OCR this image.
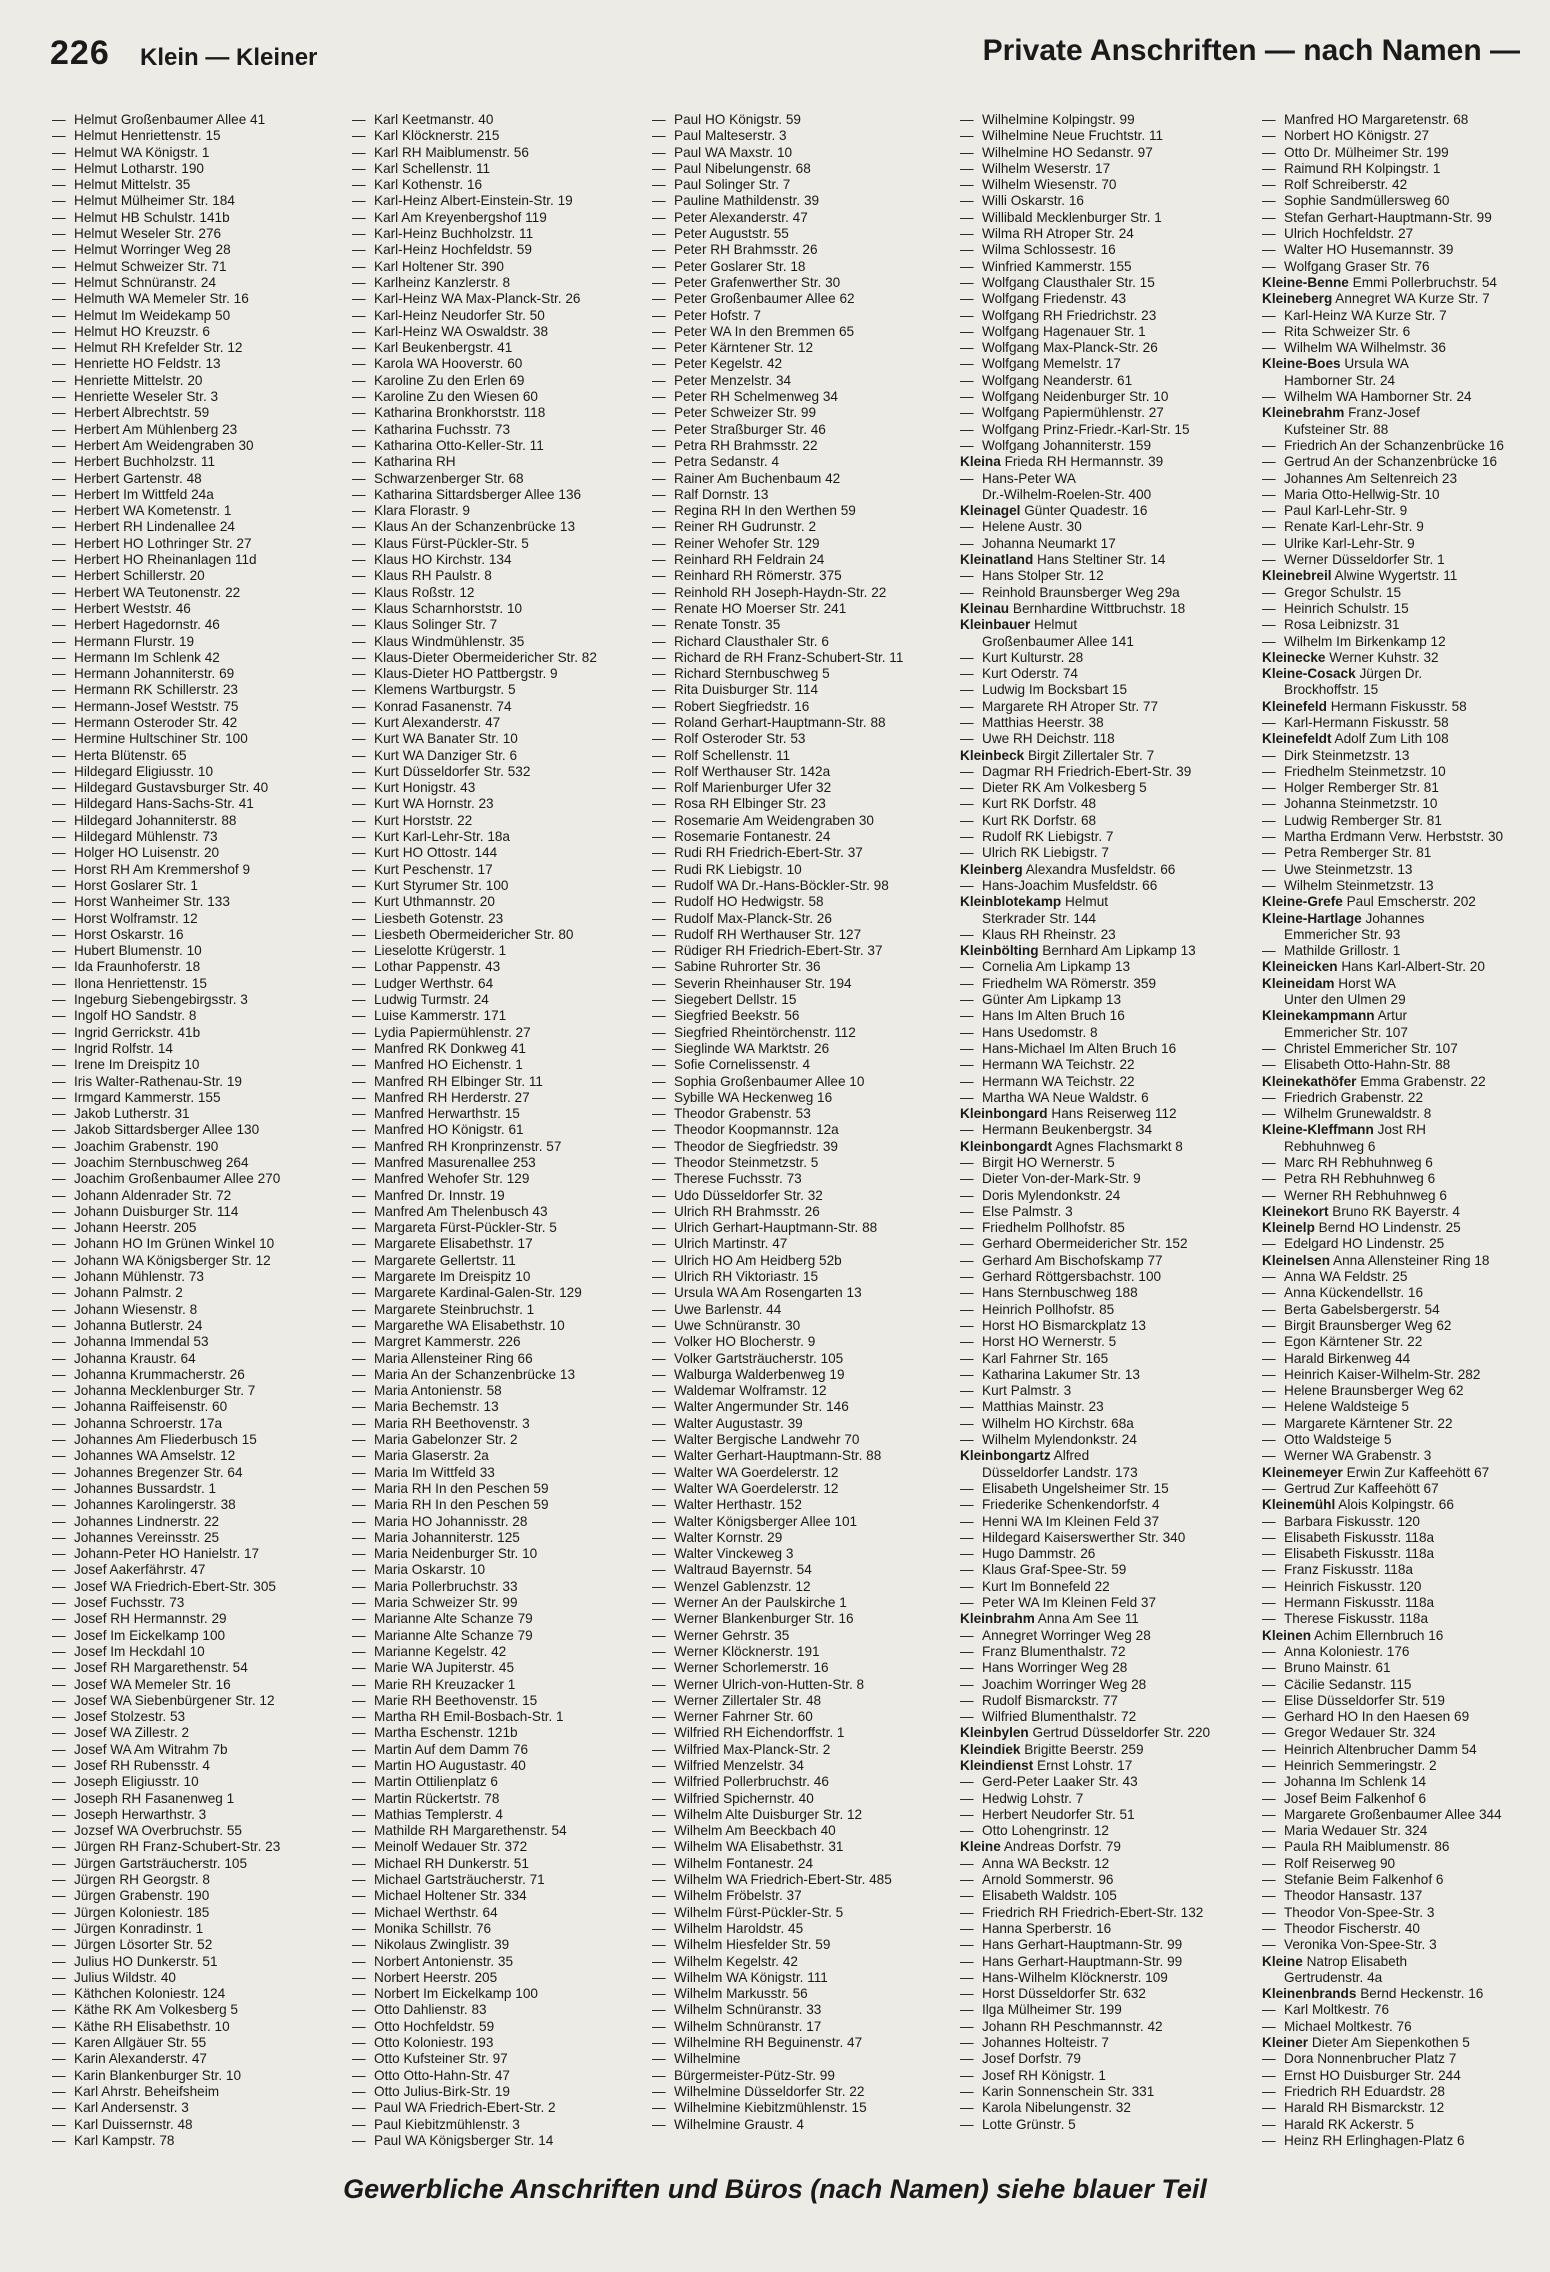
226 Klein — Kleiner	Private Anschriften — nach Namen —
— Helmut Großenbaumer Allee 41
— Helmut Henriettenstr. 15
— Helmut WA Königstr. 1
— Helmut Lotharstr. 190
— Helmut Mittelstr. 35
— Helmut Mülheimer Str. 184
— Helmut HB Schulstr. 141b
— Helmut Weseler Str. 276
— Helmut Worringer Weg 28
— Helmut Schweizer Str. 71
— Helmut Schnüranstr. 24
— Helmuth WA Memeler Str. 16
— Helmut Im Weidekamp 50
— Helmut HO Kreuzstr. 6
— Helmut RH Krefelder Str. 12
— Henriette HO Feldstr. 13
— Henriette Mittelstr. 20
— Henriette Weseler Str. 3
— Herbert Albrechtstr. 59
— Herbert Am Mühlenberg 23
— Herbert Am Weidengraben 30
— Herbert Buchholzstr. 11
— Herbert Gartenstr. 48
— Herbert Im Wittfeld 24a
— Herbert WA Kometenstr. 1
— Herbert RH Lindenallee 24
— Herbert HO Lothringer Str. 27
— Herbert HO Rheinanlagen 11d
— Herbert Schillerstr. 20
— Herbert WA Teutonenstr. 22
— Herbert Weststr. 46
— Herbert Hagedornstr. 46
— Hermann Flurstr. 19
— Hermann Im Schlenk 42
— Hermann Johanniterstr. 69
— Hermann RK Schillerstr. 23
— Hermann-Josef Weststr. 75
— Hermann Osteroder Str. 42
— Hermine Hultschiner Str. 100
— Herta Blütenstr. 65
— Hildegard Eligiusstr. 10
— Hildegard Gustavsburger Str. 40
— Hildegard Hans-Sachs-Str. 41
— Hildegard Johanniterstr. 88
— Hildegard Mühlenstr. 73
— Holger HO Luisenstr. 20
— Horst RH Am Kremmershof 9
— Horst Goslarer Str. 1
— Horst Wanheimer Str. 133
— Horst Wolframstr. 12
— Horst Oskarstr. 16
— Hubert Blumenstr. 10
— Ida Fraunhoferstr. 18
— Ilona Henriettenstr. 15
— Ingeburg Siebengebirgsstr. 3
— Ingolf HO Sandstr. 8
— Ingrid Gerrickstr. 41b
— Ingrid Rolfstr. 14
— Irene Im Dreispitz 10
— Iris Walter-Rathenau-Str. 19
— Irmgard Kammerstr. 155
— Jakob Lutherstr. 31
— Jakob Sittardsberger Allee 130
— Joachim Grabenstr. 190
— Joachim Sternbuschweg 264
— Joachim Großenbaumer Allee 270
— Johann Aldenrader Str. 72
— Johann Duisburger Str. 114
— Johann Heerstr. 205
— Johann HO Im Grünen Winkel 10
— Johann WA Königsberger Str. 12
— Johann Mühlenstr. 73
— Johann Palmstr. 2
— Johann Wiesenstr. 8
— Johanna Butlerstr. 24
— Johanna Immendal 53
— Johanna Kraustr. 64
— Johanna Krummacherstr. 26
— Johanna Mecklenburger Str. 7
— Johanna Raiffeisenstr. 60
— Johanna Schroerstr. 17a
— Johannes Am Fliederbusch 15
— Johannes WA Amselstr. 12
— Johannes Bregenzer Str. 64
— Johannes Bussardstr. 1
— Johannes Karolingerstr. 38
— Johannes Lindnerstr. 22
— Johannes Vereinsstr. 25
— Johann-Peter HO Hanielstr. 17
— Josef Aakerfährstr. 47
— Josef WA Friedrich-Ebert-Str. 305
— Josef Fuchsstr. 73
— Josef RH Hermannstr. 29
— Josef Im Eickelkamp 100
— Josef Im Heckdahl 10
— Josef RH Margarethenstr. 54
— Josef WA Memeler Str. 16
— Josef WA Siebenbürgener Str. 12
— Josef Stolzestr. 53
— Josef WA Zillestr. 2
— Josef WA Am Witrahm 7b
— Josef RH Rubensstr. 4
— Joseph Eligiusstr. 10
— Joseph RH Fasanenweg 1
— Joseph Herwarthstr. 3
— Jozsef WA Overbruchstr. 55
— Jürgen RH Franz-Schubert-Str. 23
— Jürgen Gartsträucherstr. 105
— Jürgen RH Georgstr. 8
— Jürgen Grabenstr. 190
— Jürgen Koloniestr. 185
— Jürgen Konradinstr. 1
— Jürgen Lösorter Str. 52
— Julius HO Dunkerstr. 51
— Julius Wildstr. 40
— Käthchen Koloniestr. 124
— Käthe RK Am Volkesberg 5
— Käthe RH Elisabethstr. 10
— Karen Allgäuer Str. 55
— Karin Alexanderstr. 47
— Karin Blankenburger Str. 10
— Karl Ahrstr. Beheifsheim
— Karl Andersenstr. 3
— Karl Duissernstr. 48
— Karl Kampstr. 78
— Karl Keetmanstr. 40
— Karl Klöcknerstr. 215
— Karl RH Maiblumenstr. 56
— Karl Schellenstr. 11
— Karl Kothenstr. 16
— Karl-Heinz Albert-Einstein-Str. 19
— Karl Am Kreyenbergshof 119
— Karl-Heinz Buchholzstr. 11
— Karl-Heinz Hochfeldstr. 59
— Karl Holtener Str. 390
— Karlheinz Kanzlerstr. 8
— Karl-Heinz WA Max-Planck-Str. 26
— Karl-Heinz Neudorfer Str. 50
— Karl-Heinz WA Oswaldstr. 38
— Karl Beukenbergstr. 41
— Karola WA Hooverstr. 60
— Karoline Zu den Erlen 69
— Karoline Zu den Wiesen 60
— Katharina Bronkhorststr. 118
— Katharina Fuchsstr. 73
— Katharina Otto-Keller-Str. 11
— Katharina RH
— Schwarzenberger Str. 68
— Katharina Sittardsberger Allee 136
— Klara Florastr. 9
— Klaus An der Schanzenbrücke 13
— Klaus Fürst-Pückler-Str. 5
— Klaus HO Kirchstr. 134
— Klaus RH Paulstr. 8
— Klaus Roßstr. 12
— Klaus Scharnhorststr. 10
— Klaus Solinger Str. 7
— Klaus Windmühlenstr. 35
— Klaus-Dieter Obermeidericher Str. 82
— Klaus-Dieter HO Pattbergstr. 9
— Klemens Wartburgstr. 5
— Konrad Fasanenstr. 74
— Kurt Alexanderstr. 47
— Kurt WA Banater Str. 10
— Kurt WA Danziger Str. 6
— Kurt Düsseldorfer Str. 532
— Kurt Honigstr. 43
— Kurt WA Hornstr. 23
— Kurt Horststr. 22
— Kurt Karl-Lehr-Str. 18a
— Kurt HO Ottostr. 144
— Kurt Peschenstr. 17
— Kurt Styrumer Str. 100
— Kurt Uthmannstr. 20
— Liesbeth Gotenstr. 23
— Liesbeth Obermeidericher Str. 80
— Lieselotte Krügerstr. 1
— Lothar Pappenstr. 43
— Ludger Werthstr. 64
— Ludwig Turmstr. 24
— Luise Kammerstr. 171
— Lydia Papiermühlenstr. 27
— Manfred RK Donkweg 41
— Manfred HO Eichenstr. 1
— Manfred RH Elbinger Str. 11
— Manfred RH Herderstr. 27
— Manfred Herwarthstr. 15
— Manfred HO Königstr. 61
— Manfred RH Kronprinzenstr. 57
— Manfred Masurenallee 253
— Manfred Wehofer Str. 129
— Manfred Dr. Innstr. 19
— Manfred Am Thelenbusch 43
— Margareta Fürst-Pückler-Str. 5
— Margarete Elisabethstr. 17
— Margarete Gellertstr. 11
— Margarete Im Dreispitz 10
— Margarete Kardinal-Galen-Str. 129
— Margarete Steinbruchstr. 1
— Margarethe WA Elisabethstr. 10
— Margret Kammerstr. 226
— Maria Allensteiner Ring 66
— Maria An der Schanzenbrücke 13
— Maria Antonienstr. 58
— Maria Bechemstr. 13
— Maria RH Beethovenstr. 3
— Maria Gabelonzer Str. 2
— Maria Glaserstr. 2a
— Maria Im Wittfeld 33
— Maria RH In den Peschen 59
— Maria RH In den Peschen 59
— Maria HO Johannisstr. 28
— Maria Johanniterstr. 125
— Maria Neidenburger Str. 10
— Maria Oskarstr. 10
— Maria Pollerbruchstr. 33
— Maria Schweizer Str. 99
— Marianne Alte Schanze 79
— Marianne Alte Schanze 79
— Marianne Kegelstr. 42
— Marie WA Jupiterstr. 45
— Marie RH Kreuzacker 1
— Marie RH Beethovenstr. 15
— Martha RH Emil-Bosbach-Str. 1
— Martha Eschenstr. 121b
— Martin Auf dem Damm 76
— Martin HO Augustastr. 40
— Martin Ottilienplatz 6
— Martin Rückertstr. 78
— Mathias Templerstr. 4
— Mathilde RH Margarethenstr. 54
— Meinolf Wedauer Str. 372
— Michael RH Dunkerstr. 51
— Michael Gartsträucherstr. 71
— Michael Holtener Str. 334
— Michael Werthstr. 64
— Monika Schillstr. 76
— Nikolaus Zwinglistr. 39
— Norbert Antonienstr. 35
— Norbert Heerstr. 205
— Norbert Im Eickelkamp 100
— Otto Dahlienstr. 83
— Otto Hochfeldstr. 59
— Otto Koloniestr. 193
— Otto Kufsteiner Str. 97
— Otto Otto-Hahn-Str. 47
— Otto Julius-Birk-Str. 19
— Paul WA Friedrich-Ebert-Str. 2
— Paul Kiebitzmühlenstr. 3
— Paul WA Königsberger Str. 14
— Paul HO Königstr. 59
— Paul Malteserstr. 3
— Paul WA Maxstr. 10
— Paul Nibelungenstr. 68
— Paul Solinger Str. 7
— Pauline Mathildenstr. 39
— Peter Alexanderstr. 47
— Peter Auguststr. 55
— Peter RH Brahmsstr. 26
— Peter Goslarer Str. 18
— Peter Grafenwerther Str. 30
— Peter Großenbaumer Allee 62
— Peter Hofstr. 7
— Peter WA In den Bremmen 65
— Peter Kärntener Str. 12
— Peter Kegelstr. 42
— Peter Menzelstr. 34
— Peter RH Schelmenweg 34
— Peter Schweizer Str. 99
— Peter Straßburger Str. 46
— Petra RH Brahmsstr. 22
— Petra Sedanstr. 4
— Rainer Am Buchenbaum 42
— Ralf Dornstr. 13
— Regina RH In den Werthen 59
— Reiner RH Gudrunstr. 2
— Reiner Wehofer Str. 129
— Reinhard RH Feldrain 24
— Reinhard RH Römerstr. 375
— Reinhold RH Joseph-Haydn-Str. 22
— Renate HO Moerser Str. 241
— Renate Tonstr. 35
— Richard Clausthaler Str. 6
— Richard de RH Franz-Schubert-Str. 11
— Richard Sternbuschweg 5
— Rita Duisburger Str. 114
— Robert Siegfriedstr. 16
— Roland Gerhart-Hauptmann-Str. 88
— Rolf Osteroder Str. 53
— Rolf Schellenstr. 11
— Rolf Werthauser Str. 142a
— Rolf Marienburger Ufer 32
— Rosa RH Elbinger Str. 23
— Rosemarie Am Weidengraben 30
— Rosemarie Fontanestr. 24
— Rudi RH Friedrich-Ebert-Str. 37
— Rudi RK Liebigstr. 10
— Rudolf WA Dr.-Hans-Böckler-Str. 98
— Rudolf HO Hedwigstr. 58
— Rudolf Max-Planck-Str. 26
— Rudolf RH Werthauser Str. 127
— Rüdiger RH Friedrich-Ebert-Str. 37
— Sabine Ruhrorter Str. 36
— Severin Rheinhauser Str. 194
— Siegebert Dellstr. 15
— Siegfried Beekstr. 56
— Siegfried Rheintörchenstr. 112
— Sieglinde WA Marktstr. 26
— Sofie Cornelissenstr. 4
— Sophia Großenbaumer Allee 10
— Sybille WA Heckenweg 16
— Theodor Grabenstr. 53
— Theodor Koopmannstr. 12a
— Theodor de Siegfriedstr. 39
— Theodor Steinmetzstr. 5
— Therese Fuchsstr. 73
— Udo Düsseldorfer Str. 32
— Ulrich RH Brahmsstr. 26
— Ulrich Gerhart-Hauptmann-Str. 88
— Ulrich Martinstr. 47
— Ulrich HO Am Heidberg 52b
— Ulrich RH Viktoriastr. 15
— Ursula WA Am Rosengarten 13
— Uwe Barlenstr. 44
— Uwe Schnüranstr. 30
— Volker HO Blocherstr. 9
— Volker Gartsträucherstr. 105
— Walburga Walderbenweg 19
— Waldemar Wolframstr. 12
— Walter Angermunder Str. 146
— Walter Augustastr. 39
— Walter Bergische Landwehr 70
— Walter Gerhart-Hauptmann-Str. 88
— Walter WA Goerdelerstr. 12
— Walter WA Goerdelerstr. 12
— Walter Herthastr. 152
— Walter Königsberger Allee 101
— Walter Kornstr. 29
— Walter Vinckeweg 3
— Waltraud Bayernstr. 54
— Wenzel Gablenzstr. 12
— Werner An der Paulskirche 1
— Werner Blankenburger Str. 16
— Werner Gehrstr. 35
— Werner Klöcknerstr. 191
— Werner Schorlemerstr. 16
— Werner Ulrich-von-Hutten-Str. 8
— Werner Zillertaler Str. 48
— Werner Fahrner Str. 60
— Wilfried RH Eichendorffstr. 1
— Wilfried Max-Planck-Str. 2
— Wilfried Menzelstr. 34
— Wilfried Pollerbruchstr. 46
— Wilfried Spichernstr. 40
— Wilhelm Alte Duisburger Str. 12
— Wilhelm Am Beeckbach 40
— Wilhelm WA Elisabethstr. 31
— Wilhelm Fontanestr. 24
— Wilhelm WA Friedrich-Ebert-Str. 485
— Wilhelm Fröbelstr. 37
— Wilhelm Fürst-Pückler-Str. 5
— Wilhelm Haroldstr. 45
— Wilhelm Hiesfelder Str. 59
— Wilhelm Kegelstr. 42
— Wilhelm WA Königstr. 111
— Wilhelm Markusstr. 56
— Wilhelm Schnüranstr. 33
— Wilhelm Schnüranstr. 17
— Wilhelmine RH Beguinenstr. 47
— Wilhelmine
— Bürgermeister-Pütz-Str. 99
— Wilhelmine Düsseldorfer Str. 22
— Wilhelmine Kiebitzmühlenstr. 15
— Wilhelmine Graustr. 4
— Wilhelmine Kolpingstr. 99
— Wilhelmine Neue Fruchtstr. 11
— Wilhelmine HO Sedanstr. 97
— Wilhelm Weserstr. 17
— Wilhelm Wiesenstr. 70
— Willi Oskarstr. 16
— Willibald Mecklenburger Str. 1
— Wilma RH Atroper Str. 24
— Wilma Schlossestr. 16
— Winfried Kammerstr. 155
— Wolfgang Clausthaler Str. 15
— Wolfgang Friedenstr. 43
— Wolfgang RH Friedrichstr. 23
— Wolfgang Hagenauer Str. 1
— Wolfgang Max-Planck-Str. 26
— Wolfgang Memelstr. 17
— Wolfgang Neanderstr. 61
— Wolfgang Neidenburger Str. 10
— Wolfgang Papiermühlenstr. 27
— Wolfgang Prinz-Friedr.-Karl-Str. 15
— Wolfgang Johanniterstr. 159
Kleina Frieda RH Hermannstr. 39
— Hans-Peter WA
Dr.-Wilhelm-Roelen-Str. 400
Kleinagel Günter Quadestr. 16
— Helene Austr. 30
— Johanna Neumarkt 17
Kleinatland Hans Steltiner Str. 14
— Hans Stolper Str. 12
— Reinhold Braunsberger Weg 29a
Kleinau Bernhardine Wittbruchstr. 18
Kleinbauer Helmut
Großenbaumer Allee 141
— Kurt Kulturstr. 28
— Kurt Oderstr. 74
— Ludwig Im Bocksbart 15
— Margarete RH Atroper Str. 77
— Matthias Heerstr. 38
— Uwe RH Deichstr. 118
Kleinbeck Birgit Zillertaler Str. 7
— Dagmar RH Friedrich-Ebert-Str. 39
— Dieter RK Am Volkesberg 5
— Kurt RK Dorfstr. 48
— Kurt RK Dorfstr. 68
— Rudolf RK Liebigstr. 7
— Ulrich RK Liebigstr. 7
Kleinberg Alexandra Musfeldstr. 66
— Hans-Joachim Musfeldstr. 66
Kleinblotekamp Helmut
Sterkrader Str. 144
— Klaus RH Rheinstr. 23
Kleinbölting Bernhard Am Lipkamp 13
— Cornelia Am Lipkamp 13
— Friedhelm WA Römerstr. 359
— Günter Am Lipkamp 13
— Hans Im Alten Bruch 16
— Hans Usedomstr. 8
— Hans-Michael Im Alten Bruch 16
— Hermann WA Teichstr. 22
— Hermann WA Teichstr. 22
— Martha WA Neue Waldstr. 6
Kleinbongard Hans Reiserweg 112
— Hermann Beukenbergstr. 34
Kleinbongardt Agnes Flachsmarkt 8
— Birgit HO Wernerstr. 5
— Dieter Von-der-Mark-Str. 9
— Doris Mylendonkstr. 24
— Else Palmstr. 3
— Friedhelm Pollhofstr. 85
— Gerhard Obermeidericher Str. 152
— Gerhard Am Bischofskamp 77
— Gerhard Röttgersbachstr. 100
— Hans Sternbuschweg 188
— Heinrich Pollhofstr. 85
— Horst HO Bismarckplatz 13
— Horst HO Wernerstr. 5
— Karl Fahrner Str. 165
— Katharina Lakumer Str. 13
— Kurt Palmstr. 3
— Matthias Mainstr. 23
— Wilhelm HO Kirchstr. 68a
— Wilhelm Mylendonkstr. 24
Kleinbongartz Alfred
Düsseldorfer Landstr. 173
— Elisabeth Ungelsheimer Str. 15
— Friederike Schenkendorfstr. 4
— Henni WA Im Kleinen Feld 37
— Hildegard Kaiserswerther Str. 340
— Hugo Dammstr. 26
— Klaus Graf-Spee-Str. 59
— Kurt Im Bonnefeld 22
— Peter WA Im Kleinen Feld 37
Kleinbrahm Anna Am See 11
— Annegret Worringer Weg 28
— Franz Blumenthalstr. 72
— Hans Worringer Weg 28
— Joachim Worringer Weg 28
— Rudolf Bismarckstr. 77
— Wilfried Blumenthalstr. 72
Kleinbylen Gertrud Düsseldorfer Str. 220
Kleindiek Brigitte Beerstr. 259
Kleindienst Ernst Lohstr. 17
— Gerd-Peter Laaker Str. 43
— Hedwig Lohstr. 7
— Herbert Neudorfer Str. 51
— Otto Lohengrinstr. 12
Kleine Andreas Dorfstr. 79
— Anna WA Beckstr. 12
— Arnold Sommerstr. 96
— Elisabeth Waldstr. 105
— Friedrich RH Friedrich-Ebert-Str. 132
— Hanna Sperberstr. 16
— Hans Gerhart-Hauptmann-Str. 99
— Hans Gerhart-Hauptmann-Str. 99
— Hans-Wilhelm Klöcknerstr. 109
— Horst Düsseldorfer Str. 632
— Ilga Mülheimer Str. 199
— Johann RH Peschmannstr. 42
— Johannes Holteistr. 7
— Josef Dorfstr. 79
— Josef RH Königstr. 1
— Karin Sonnenschein Str. 331
— Karola Nibelungenstr. 32
— Lotte Grünstr. 5
— Manfred HO Margaretenstr. 68
— Norbert HO Königstr. 27
— Otto Dr. Mülheimer Str. 199
— Raimund RH Kolpingstr. 1
— Rolf Schreiberstr. 42
— Sophie Sandmüllersweg 60
— Stefan Gerhart-Hauptmann-Str. 99
— Ulrich Hochfeldstr. 27
— Walter HO Husemannstr. 39
— Wolfgang Graser Str. 76
Kleine-Benne Emmi Pollerbruchstr. 54
Kleineberg Annegret WA Kurze Str. 7
— Karl-Heinz WA Kurze Str. 7
— Rita Schweizer Str. 6
— Wilhelm WA Wilhelmstr. 36
Kleine-Boes Ursula WA
Hamborner Str. 24
— Wilhelm WA Hamborner Str. 24
Kleinebrahm Franz-Josef
Kufsteiner Str. 88
— Friedrich An der Schanzenbrücke 16
— Gertrud An der Schanzenbrücke 16
— Johannes Am Seltenreich 23
— Maria Otto-Hellwig-Str. 10
— Paul Karl-Lehr-Str. 9
— Renate Karl-Lehr-Str. 9
— Ulrike Karl-Lehr-Str. 9
— Werner Düsseldorfer Str. 1
Kleinebreil Alwine Wygertstr. 11
— Gregor Schulstr. 15
— Heinrich Schulstr. 15
— Rosa Leibnizstr. 31
— Wilhelm Im Birkenkamp 12
Kleinecke Werner Kuhstr. 32
Kleine-Cosack Jürgen Dr.
Brockhoffstr. 15
Kleinefeld Hermann Fiskusstr. 58
— Karl-Hermann Fiskusstr. 58
Kleinefeldt Adolf Zum Lith 108
— Dirk Steinmetzstr. 13
— Friedhelm Steinmetzstr. 10
— Holger Remberger Str. 81
— Johanna Steinmetzstr. 10
— Ludwig Remberger Str. 81
— Martha Erdmann Verw. Herbststr. 30
— Petra Remberger Str. 81
— Uwe Steinmetzstr. 13
— Wilhelm Steinmetzstr. 13
Kleine-Grefe Paul Emscherstr. 202
Kleine-Hartlage Johannes
Emmericher Str. 93
— Mathilde Grillostr. 1
Kleineicken Hans Karl-Albert-Str. 20
Kleineidam Horst WA
Unter den Ulmen 29
Kleinekampmann Artur
Emmericher Str. 107
— Christel Emmericher Str. 107
— Elisabeth Otto-Hahn-Str. 88
Kleinekathöfer Emma Grabenstr. 22
— Friedrich Grabenstr. 22
— Wilhelm Grunewaldstr. 8
Kleine-Kleffmann Jost RH
Rebhuhnweg 6
— Marc RH Rebhuhnweg 6
— Petra RH Rebhuhnweg 6
— Werner RH Rebhuhnweg 6
Kleinekort Bruno RK Bayerstr. 4
Kleinelp Bernd HO Lindenstr. 25
— Edelgard HO Lindenstr. 25
Kleinelsen Anna Allensteiner Ring 18
— Anna WA Feldstr. 25
— Anna Kückendellstr. 16
— Berta Gabelsbergerstr. 54
— Birgit Braunsberger Weg 62
— Egon Kärntener Str. 22
— Harald Birkenweg 44
— Heinrich Kaiser-Wilhelm-Str. 282
— Helene Braunsberger Weg 62
— Helene Waldsteige 5
— Margarete Kärntener Str. 22
— Otto Waldsteige 5
— Werner WA Grabenstr. 3
Kleinemeyer Erwin Zur Kaffeehött 67
— Gertrud Zur Kaffeehött 67
Kleinemühl Alois Kolpingstr. 66
— Barbara Fiskusstr. 120
— Elisabeth Fiskusstr. 118a
— Elisabeth Fiskusstr. 118a
— Franz Fiskusstr. 118a
— Heinrich Fiskusstr. 120
— Hermann Fiskusstr. 118a
— Therese Fiskusstr. 118a
Kleinen Achim Ellernbruch 16
— Anna Koloniestr. 176
— Bruno Mainstr. 61
— Cäcilie Sedanstr. 115
— Elise Düsseldorfer Str. 519
— Gerhard HO In den Haesen 69
— Gregor Wedauer Str. 324
— Heinrich Altenbrucher Damm 54
— Heinrich Semmeringstr. 2
— Johanna Im Schlenk 14
— Josef Beim Falkenhof 6
— Margarete Großenbaumer Allee 344
— Maria Wedauer Str. 324
— Paula RH Maiblumenstr. 86
— Rolf Reiserweg 90
— Stefanie Beim Falkenhof 6
— Theodor Hansastr. 137
— Theodor Von-Spee-Str. 3
— Theodor Fischerstr. 40
— Veronika Von-Spee-Str. 3
Kleine Natrop Elisabeth
Gertrudenstr. 4a
Kleinenbrands Bernd Heckenstr. 16
— Karl Moltkestr. 76
— Michael Moltkestr. 76
Kleiner Dieter Am Siepenkothen 5
— Dora Nonnenbrucher Platz 7
— Ernst HO Duisburger Str. 244
— Friedrich RH Eduardstr. 28
— Harald RH Bismarckstr. 12
— Harald RK Ackerstr. 5
— Heinz RH Erlinghagen-Platz 6
Gewerbliche Anschriften und Büros (nach Namen) siehe blauer Teil
